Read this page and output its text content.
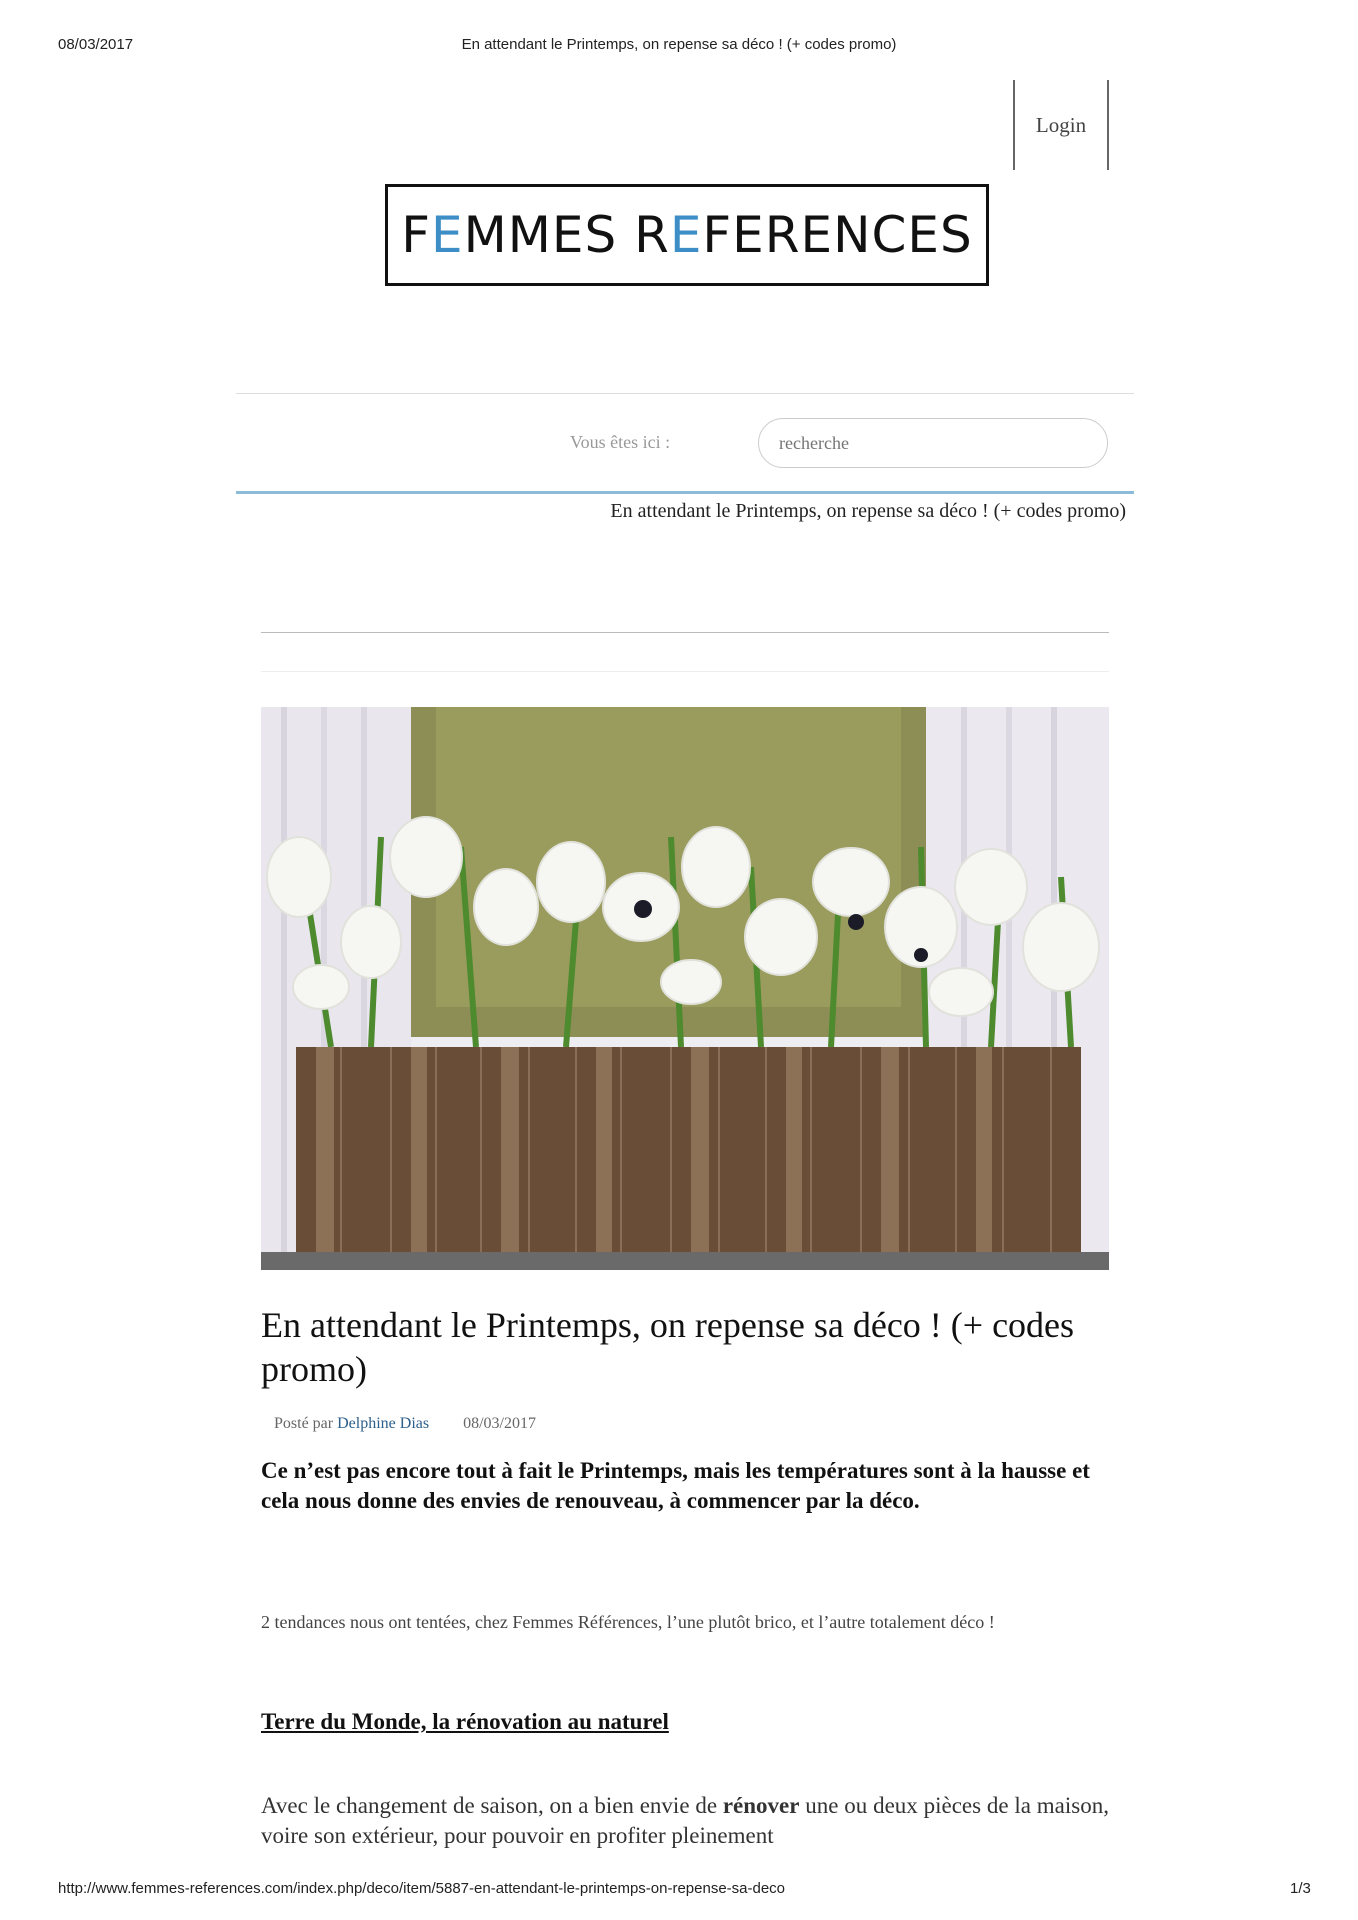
08/03/2017	En attendant le Printemps, on repense sa déco ! (+ codes promo)
Login
F E MMES R E FERENCES
Vous êtes ici :
recherche
En attendant le Printemps, on repense sa déco ! (+ codes promo)
En attendant le Printemps, on repense sa déco ! (+ codes promo)
Posté par Delphine Dias 08/03/2017

Ce n’est pas encore tout à fait le Printemps, mais les températures sont à la hausse et cela nous donne des envies de renouveau, à commencer par la déco.

2 tendances nous ont tentées, chez Femmes Références, l’une plutôt brico, et l’autre totalement déco !

Terre du Monde, la rénovation au naturel

Avec le changement de saison, on a bien envie de rénover une ou deux pièces de la maison, voire son extérieur, pour pouvoir en profiter pleinement

http://www.femmes-references.com/index.php/deco/item/5887-en-attendant-le-printemps-on-repense-sa-deco	1/3
